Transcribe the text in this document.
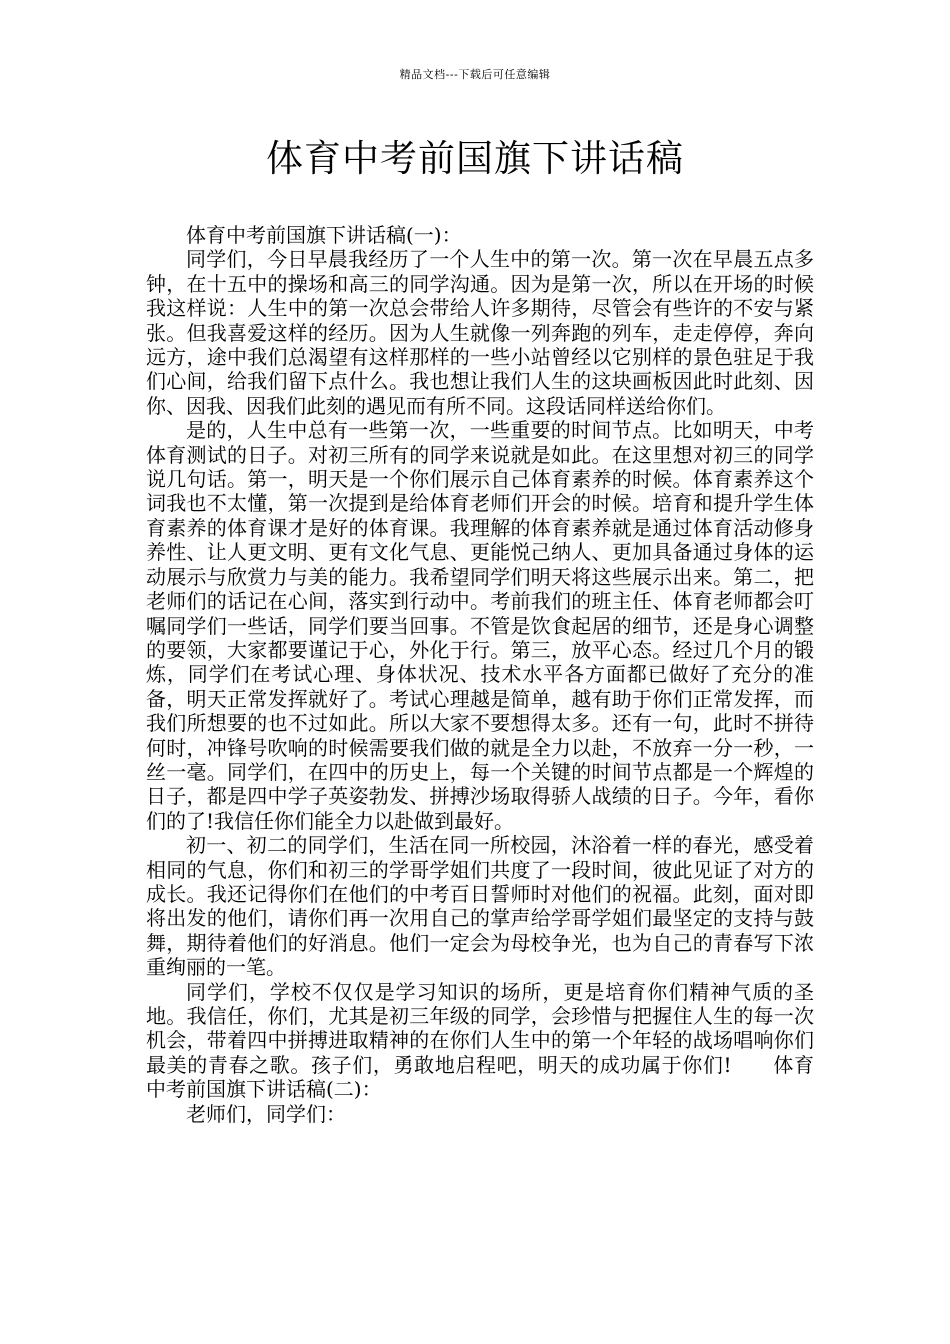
精品文档---下载后可任意编辑
体育中考前国旗下讲话稿

体育中考前国旗下讲话稿(一)：

同学们，今日早晨我经历了一个人生中的第一次。第一次在早晨五点多钟，在十五中的操场和高三的同学沟通。因为是第一次，所以在开场的时候我这样说：人生中的第一次总会带给人许多期待，尽管会有些许的不安与紧张。但我喜爱这样的经历。因为人生就像一列奔跑的列车，走走停停，奔向远方，途中我们总渴望有这样那样的一些小站曾经以它别样的景色驻足于我们心间，给我们留下点什么。我也想让我们人生的这块画板因此时此刻、因你、因我、因我们此刻的遇见而有所不同。这段话同样送给你们。

是的，人生中总有一些第一次，一些重要的时间节点。比如明天，中考体育测试的日子。对初三所有的同学来说就是如此。在这里想对初三的同学说几句话。第一，明天是一个你们展示自己体育素养的时候。体育素养这个词我也不太懂，第一次提到是给体育老师们开会的时候。培育和提升学生体育素养的体育课才是好的体育课。我理解的体育素养就是通过体育活动修身养性、让人更文明、更有文化气息、更能悦己纳人、更加具备通过身体的运动展示与欣赏力与美的能力。我希望同学们明天将这些展示出来。第二，把老师们的话记在心间，落实到行动中。考前我们的班主任、体育老师都会叮嘱同学们一些话，同学们要当回事。不管是饮食起居的细节，还是身心调整的要领，大家都要谨记于心，外化于行。第三，放平心态。经过几个月的锻炼，同学们在考试心理、身体状况、技术水平各方面都已做好了充分的准备，明天正常发挥就好了。考试心理越是简单，越有助于你们正常发挥，而我们所想要的也不过如此。所以大家不要想得太多。还有一句，此时不拼待何时，冲锋号吹响的时候需要我们做的就是全力以赴，不放弃一分一秒，一丝一毫。同学们，在四中的历史上，每一个关键的时间节点都是一个辉煌的日子，都是四中学子英姿勃发、拼搏沙场取得骄人战绩的日子。今年，看你们的了!我信任你们能全力以赴做到最好。

初一、初二的同学们，生活在同一所校园，沐浴着一样的春光，感受着相同的气息，你们和初三的学哥学姐们共度了一段时间，彼此见证了对方的成长。我还记得你们在他们的中考百日誓师时对他们的祝福。此刻，面对即将出发的他们，请你们再一次用自己的掌声给学哥学姐们最坚定的支持与鼓舞，期待着他们的好消息。他们一定会为母校争光，也为自己的青春写下浓重绚丽的一笔。

同学们，学校不仅仅是学习知识的场所，更是培育你们精神气质的圣地。我信任，你们，尤其是初三年级的同学，会珍惜与把握住人生的每一次机会，带着四中拼搏进取精神的在你们人生中的第一个年轻的战场唱响你们最美的青春之歌。孩子们，勇敢地启程吧，明天的成功属于你们!　　体育中考前国旗下讲话稿(二)：

老师们，同学们：
